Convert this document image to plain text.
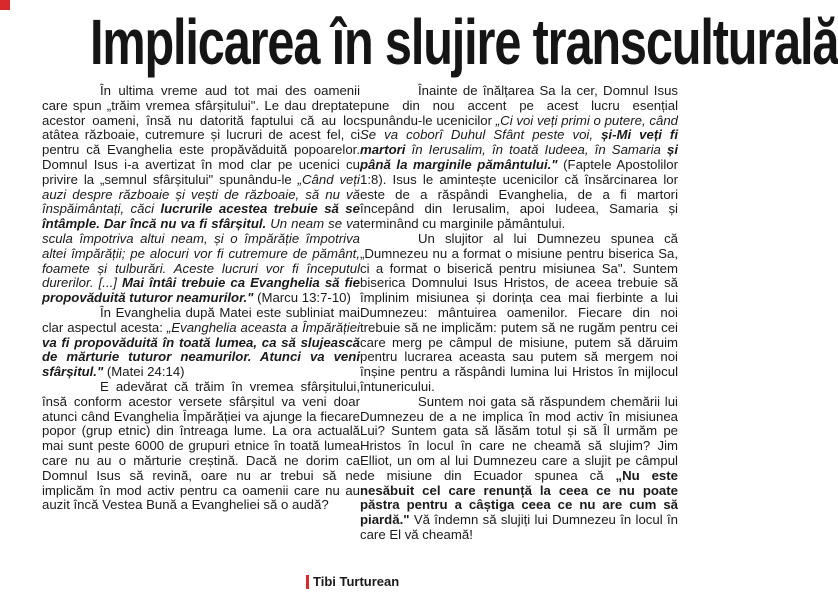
Implicarea în slujire transculturală

În ultima vreme aud tot mai des oamenii care spun „trăim vremea sfârșitului". Le dau dreptate acestor oameni, însă nu datorită faptului că au loc atâtea războaie, cutremure și lucruri de acest fel, ci pentru că Evanghelia este propăvăduită popoarelor. Domnul Isus i-a avertizat în mod clar pe ucenici cu privire la „semnul sfârșitului" spunându-le „Când veți auzi despre războaie și vești de războaie, să nu vă înspăimântați, căci lucrurile acestea trebuie să se întâmple. Dar încă nu va fi sfârșitul. Un neam se va scula împotriva altui neam, și o împărăție împotriva altei împărății; pe alocuri vor fi cutremure de pământ, foamete și tulburări. Aceste lucruri vor fi începutul durerilor. [...] Mai întâi trebuie ca Evanghelia să fie propovăduită tuturor neamurilor." (Marcu 13:7-10)

În Evanghelia după Matei este subliniat mai clar aspectul acesta: „Evanghelia aceasta a Împărăției va fi propovăduită în toată lumea, ca să slujească de mărturie tuturor neamurilor. Atunci va veni sfârșitul." (Matei 24:14)

E adevărat că trăim în vremea sfârșitului, însă conform acestor versete sfârșitul va veni doar atunci când Evanghelia Împărăției va ajunge la fiecare popor (grup etnic) din întreaga lume. La ora actuală mai sunt peste 6000 de grupuri etnice în toată lumea care nu au o mărturie creștină. Dacă ne dorim ca Domnul Isus să revină, oare nu ar trebui să ne implicăm în mod activ pentru ca oamenii care nu au auzit încă Vestea Bună a Evangheliei să o audă?

Înainte de înălțarea Sa la cer, Domnul Isus pune din nou accent pe acest lucru esențial spunându-le ucenicilor „Ci voi veți primi o putere, când Se va coborî Duhul Sfânt peste voi, și-Mi veți fi martori în Ierusalim, în toată Iudeea, în Samaria și până la marginile pământului." (Faptele Apostolilor 1:8). Isus le amintește ucenicilor că însărcinarea lor este de a răspândi Evanghelia, de a fi martori începând din Ierusalim, apoi Iudeea, Samaria și terminând cu marginile pământului.

Un slujitor al lui Dumnezeu spunea că „Dumnezeu nu a format o misiune pentru biserica Sa, ci a format o biserică pentru misiunea Sa". Suntem biserica Domnului Isus Hristos, de aceea trebuie să împlinim misiunea și dorința cea mai fierbinte a lui Dumnezeu: mântuirea oamenilor. Fiecare din noi trebuie să ne implicăm: putem să ne rugăm pentru cei care merg pe câmpul de misiune, putem să dăruim pentru lucrarea aceasta sau putem să mergem noi înșine pentru a răspândi lumina lui Hristos în mijlocul întunericului.

Suntem noi gata să răspundem chemării lui Dumnezeu de a ne implica în mod activ în misiunea Lui? Suntem gata să lăsăm totul și să Îl urmăm pe Hristos în locul în care ne cheamă să slujim? Jim Elliot, un om al lui Dumnezeu care a slujit pe câmpul de misiune din Ecuador spunea că „Nu este nesăbuit cel care renunță la ceea ce nu poate păstra pentru a câștiga ceea ce nu are cum să piardă." Vă îndemn să slujiți lui Dumnezeu în locul în care El vă cheamă!

Tibi Turturean
